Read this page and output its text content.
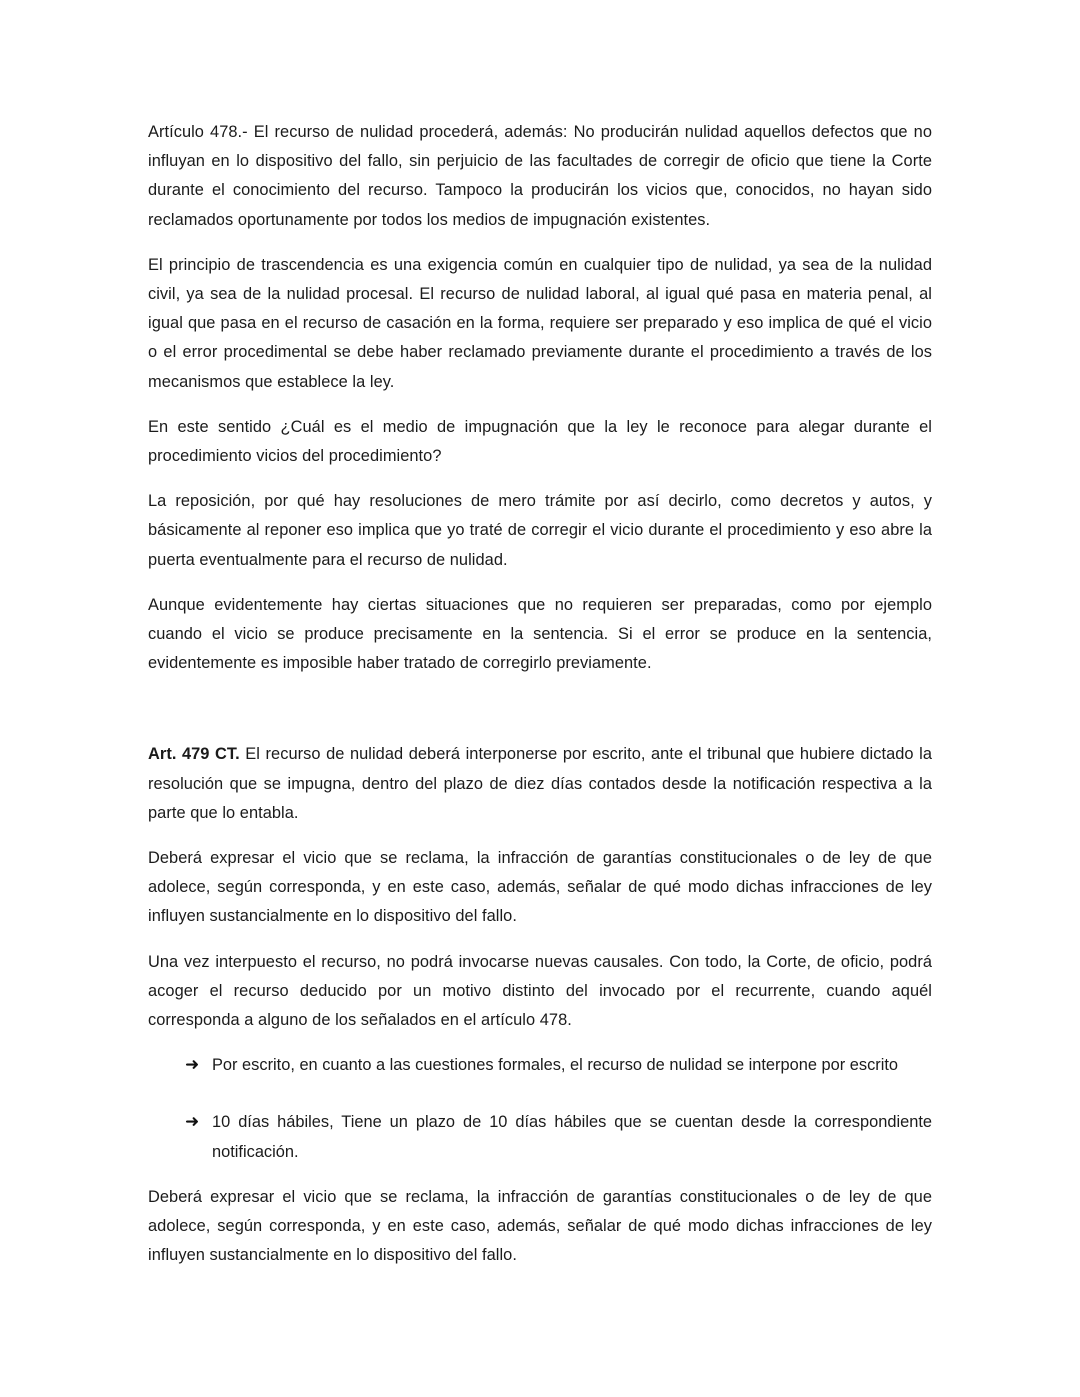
Artículo 478.- El recurso de nulidad procederá, además: No producirán nulidad aquellos defectos que no influyan en lo dispositivo del fallo, sin perjuicio de las facultades de corregir de oficio que tiene la Corte durante el conocimiento del recurso. Tampoco la producirán los vicios que, conocidos, no hayan sido reclamados oportunamente por todos los medios de impugnación existentes.

El principio de trascendencia es una exigencia común en cualquier tipo de nulidad, ya sea de la nulidad civil, ya sea de la nulidad procesal. El recurso de nulidad laboral, al igual qué pasa en materia penal, al igual que pasa en el recurso de casación en la forma, requiere ser preparado y eso implica de qué el vicio o el error procedimental se debe haber reclamado previamente durante el procedimiento a través de los mecanismos que establece la ley.

En este sentido ¿Cuál es el medio de impugnación que la ley le reconoce para alegar durante el procedimiento vicios del procedimiento?

La reposición, por qué hay resoluciones de mero trámite por así decirlo, como decretos y autos, y básicamente al reponer eso implica que yo traté de corregir el vicio durante el procedimiento y eso abre la puerta eventualmente para el recurso de nulidad.

Aunque evidentemente hay ciertas situaciones que no requieren ser preparadas, como por ejemplo cuando el vicio se produce precisamente en la sentencia. Si el error se produce en la sentencia, evidentemente es imposible haber tratado de corregirlo previamente.

Art. 479 CT. El recurso de nulidad deberá interponerse por escrito, ante el tribunal que hubiere dictado la resolución que se impugna, dentro del plazo de diez días contados desde la notificación respectiva a la parte que lo entabla.

Deberá expresar el vicio que se reclama, la infracción de garantías constitucionales o de ley de que adolece, según corresponda, y en este caso, además, señalar de qué modo dichas infracciones de ley influyen sustancialmente en lo dispositivo del fallo.

Una vez interpuesto el recurso, no podrá invocarse nuevas causales. Con todo, la Corte, de oficio, podrá acoger el recurso deducido por un motivo distinto del invocado por el recurrente, cuando aquél corresponda a alguno de los señalados en el artículo 478.

➜ Por escrito, en cuanto a las cuestiones formales, el recurso de nulidad se interpone por escrito
➜ 10 días hábiles, Tiene un plazo de 10 días hábiles que se cuentan desde la correspondiente notificación.

Deberá expresar el vicio que se reclama, la infracción de garantías constitucionales o de ley de que adolece, según corresponda, y en este caso, además, señalar de qué modo dichas infracciones de ley influyen sustancialmente en lo dispositivo del fallo.
